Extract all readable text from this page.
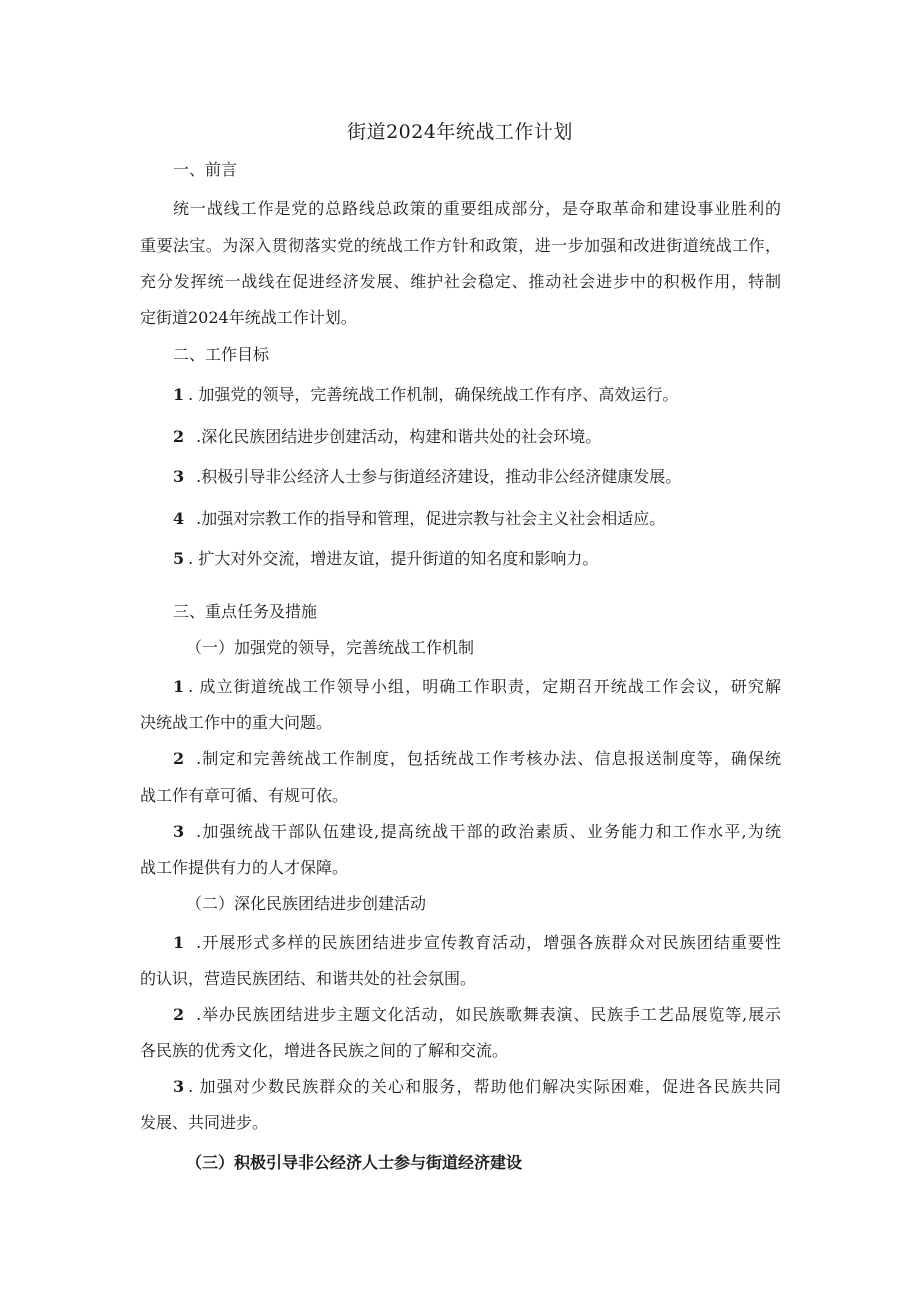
街道2024年统战工作计划
一、前言
统一战线工作是党的总路线总政策的重要组成部分，是夺取革命和建设事业胜利的
重要法宝。为深入贯彻落实党的统战工作方针和政策，进一步加强和改进街道统战工作，
充分发挥统一战线在促进经济发展、维护社会稳定、推动社会进步中的积极作用，特制
定街道2024年统战工作计划。
二、工作目标
1 . 加强党的领导，完善统战工作机制，确保统战工作有序、高效运行。
2 .深化民族团结进步创建活动，构建和谐共处的社会环境。
3 .积极引导非公经济人士参与街道经济建设，推动非公经济健康发展。
4 .加强对宗教工作的指导和管理，促进宗教与社会主义社会相适应。
5 . 扩大对外交流，增进友谊，提升街道的知名度和影响力。
三、重点任务及措施
（一）加强党的领导，完善统战工作机制
1 . 成立街道统战工作领导小组，明确工作职责，定期召开统战工作会议，研究解
决统战工作中的重大问题。
2 .制定和完善统战工作制度，包括统战工作考核办法、信息报送制度等，确保统
战工作有章可循、有规可依。
3 .加强统战干部队伍建设,提高统战干部的政治素质、业务能力和工作水平,为统
战工作提供有力的人才保障。
（二）深化民族团结进步创建活动
1 .开展形式多样的民族团结进步宣传教育活动，增强各族群众对民族团结重要性
的认识，营造民族团结、和谐共处的社会氛围。
2 .举办民族团结进步主题文化活动，如民族歌舞表演、民族手工艺品展览等,展示
各民族的优秀文化，增进各民族之间的了解和交流。
3 . 加强对少数民族群众的关心和服务，帮助他们解决实际困难，促进各民族共同
发展、共同进步。
（三）积极引导非公经济人士参与街道经济建设
